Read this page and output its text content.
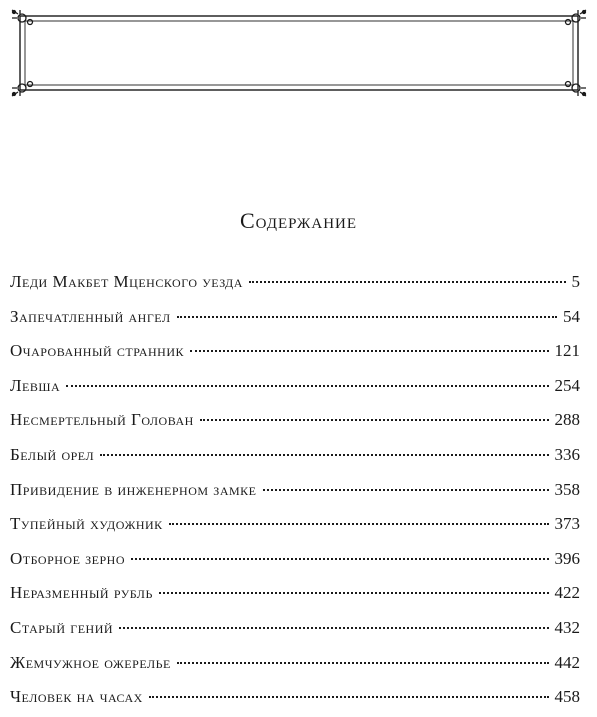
Содержание
Леди Макбет Мценского уезда	5
Запечатленный ангел	54
Очарованный странник	121
Левша	254
Несмертельный Голован	288
Белый орел	336
Привидение в инженерном замке	358
Тупейный художник	373
Отборное зерно	396
Неразменный рубль	422
Старый гений	432
Жемчужное ожерелье	442
Человек на часах	458
